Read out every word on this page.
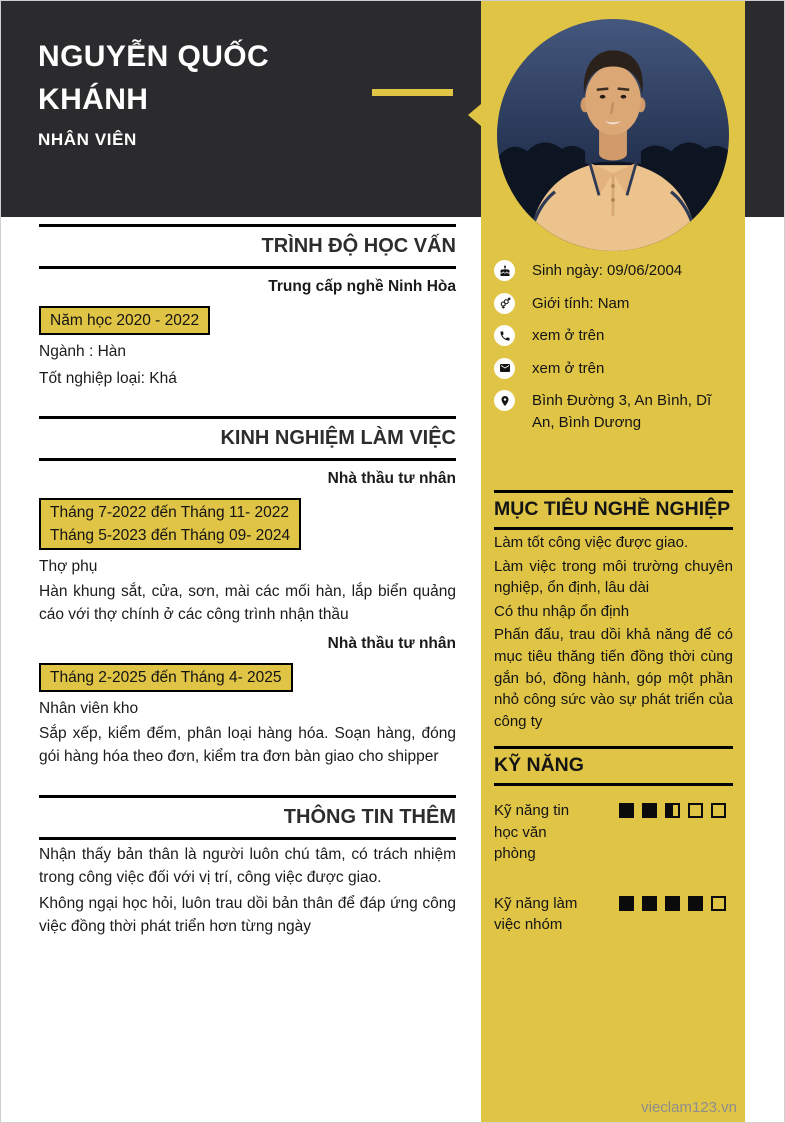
NGUYỄN QUỐC KHÁNH
NHÂN VIÊN
TRÌNH ĐỘ HỌC VẤN
Trung cấp nghề Ninh Hòa
Năm học 2020 - 2022
Ngành : Hàn
Tốt nghiệp loại: Khá
KINH NGHIỆM LÀM VIỆC
Nhà thầu tư nhân
Tháng 7-2022 đến Tháng 11- 2022
Tháng 5-2023 đến Tháng 09- 2024
Thợ phụ
Hàn khung sắt, cửa, sơn, mài các mối hàn, lắp biển quảng cáo với thợ chính ở các công trình nhận thầu
Nhà thầu tư nhân
Tháng 2-2025 đến Tháng 4- 2025
Nhân viên kho
Sắp xếp, kiểm đếm, phân loại hàng hóa. Soạn hàng, đóng gói hàng hóa theo đơn, kiểm tra đơn bàn giao cho shipper
THÔNG TIN THÊM
Nhận thấy bản thân là người luôn chú tâm, có trách nhiệm trong công việc đối với vị trí, công việc được giao.
Không ngại học hỏi, luôn trau dồi bản thân để đáp ứng công việc đồng thời phát triển hơn từng ngày
Sinh ngày: 09/06/2004
Giới tính: Nam
xem ở trên
xem ở trên
Bình Đường 3, An Bình, Dĩ An, Bình Dương
MỤC TIÊU NGHỀ NGHIỆP
Làm tốt công việc được giao.
Làm việc trong môi trường chuyên nghiệp, ổn định, lâu dài
Có thu nhập ổn định
Phấn đấu, trau dồi khả năng để có mục tiêu thăng tiến đồng thời cùng gắn bó, đồng hành, góp một phần nhỏ công sức vào sự phát triển của công ty
KỸ NĂNG
Kỹ năng tin học văn phòng
Kỹ năng làm việc nhóm
vieclam123.vn
